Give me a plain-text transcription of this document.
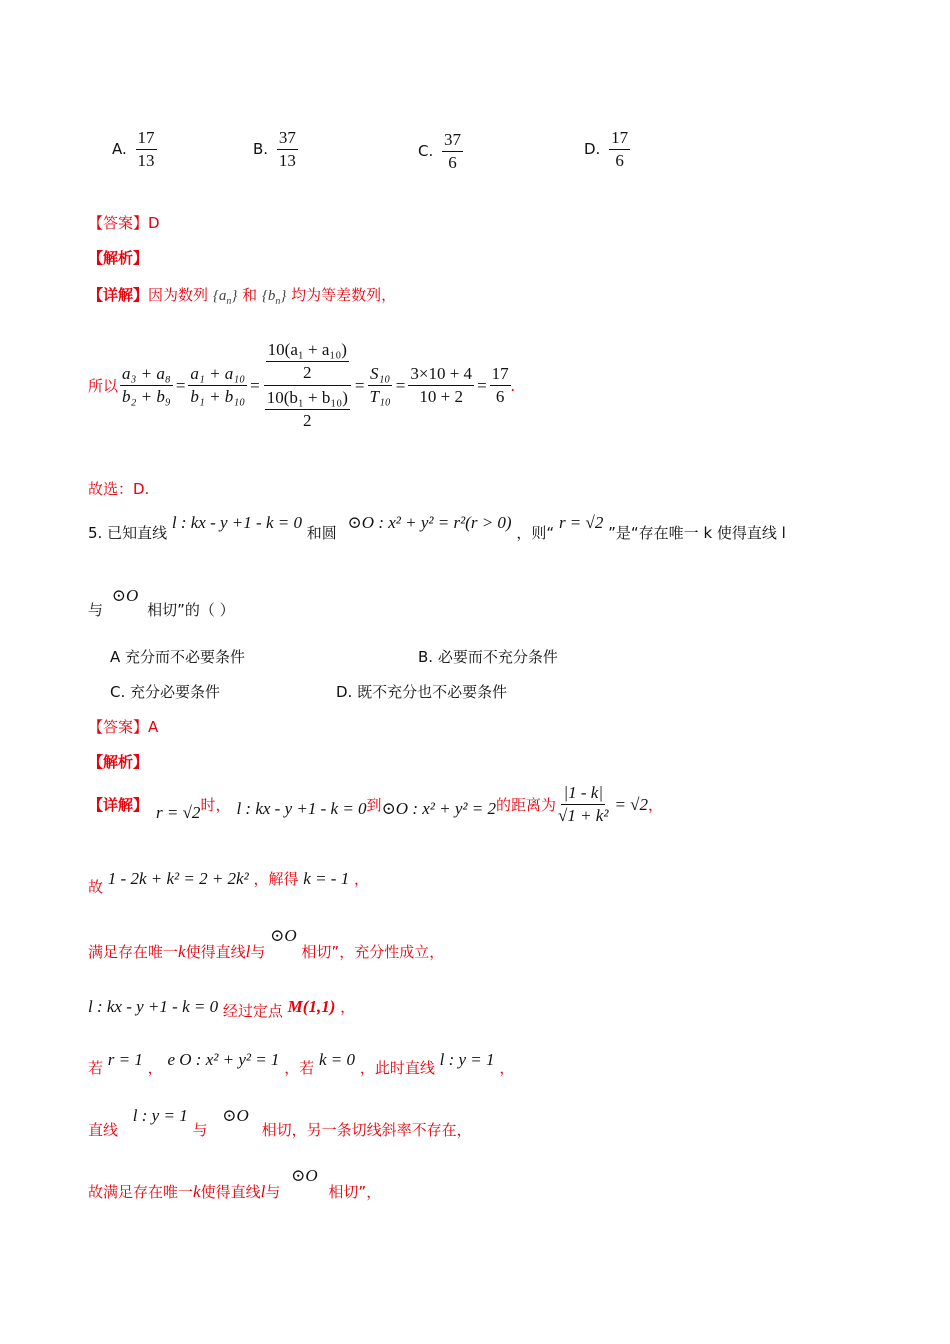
A. $\frac{17}{13}$	B. $\frac{37}{13}$	C. $\frac{37}{6}$	D. $\frac{17}{6}$
【答案】D
【解析】
【详解】因为数列 $\{a_n\}$ 和 $\{b_n\}$ 均为等差数列，
所以 $\frac{\text{a₃ + a₈}}{\text{b₂ + b₉}} = \frac{\text{a₁ + a₁₀}}{\text{b₁ + b₁₀}} = \frac{\frac{\text{10(a₁ + a₁₀)}}{2}}{\frac{\text{10(b₁ + b₁₀)}}{2}} = \frac{\text{S₁₀}}{\text{T₁₀}} = \frac{3\times 10 + 4}{10 + 2} = \frac{17}{6}$ .
故选：D.
5. 已知直线 l : kx - y +1 - k = 0 和圆 ⊙O : x² + y² = r²(r > 0) ，则“ r = √2 ”是“存在唯一 k 使得直线 l
与 ⊙O 相切”的（ ）
A 充分而不必要条件	B. 必要而不充分条件
C. 充分必要条件	D. 既不充分也不必要条件
【答案】A
【解析】
【详解】 r = √2 时， l : kx - y +1 - k = 0 到 ⊙O : x² + y² = 2 的距离为 $\frac{|1 - k|}{\text{√1 + k²}} = √2$ ，
故 1 - 2k + k² = 2 + 2k² ，解得 k = - 1 ，
满足存在唯一k使得直线l与 ⊙O 相切”，充分性成立，
l : kx - y +1 - k = 0 经过定点 M(1,1) ，
若 r = 1 ， e O : x² + y² = 1 ，若 k = 0 ，此时直线 l : y = 1 ，
直线 l : y = 1 与 ⊙O 相切，另一条切线斜率不存在，
故满足存在唯一k使得直线l与 ⊙O 相切”，
